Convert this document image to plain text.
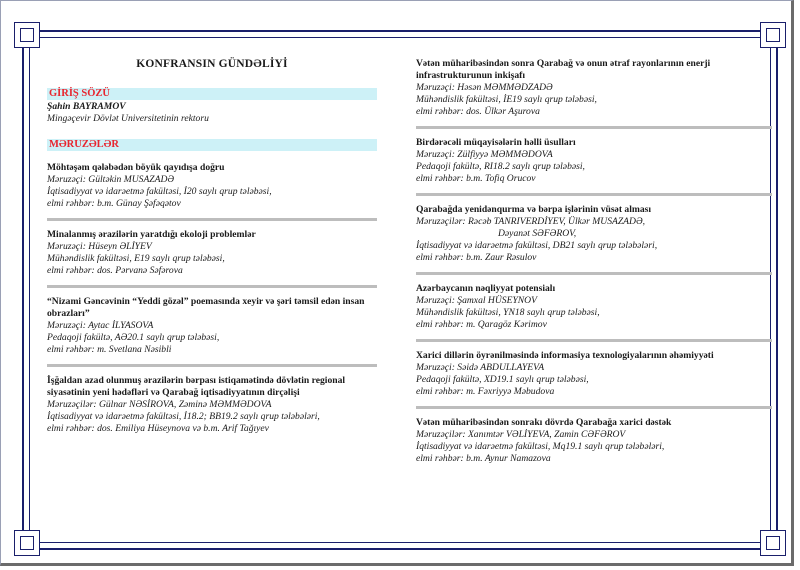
KONFRANSIN GÜNDƏLİYİ
GİRİŞ SÖZÜ
Şahin BAYRAMOV
Mingəçevir Dövlət Universitetinin rektoru
MƏRUZƏLƏR
Möhtəşəm qələbədən böyük qayıdışa doğru
Məruzəçi: Gültəkin MUSAZADƏ
İqtisadiyyat və idarəetmə fakültəsi, İ20 saylı qrup tələbəsi,
elmi rəhbər: b.m. Günay Şəfəqətov
Minalanmış ərazilərin yaratdığı ekoloji problemlər
Məruzəçi: Hüseyn ƏLİYEV
Mühəndislik fakültəsi, E19 saylı qrup tələbəsi,
elmi rəhbər: dos. Pərvanə Səfərova
“Nizami Gəncəvinin “Yeddi gözəl” poemasında xeyir və şəri təmsil edən insan obrazları”
Məruzəçi: Aytac İLYASOVA
Pedaqoji fakültə, AƏ20.1 saylı qrup tələbəsi,
elmi rəhbər: m. Svetlana Nəsibli
İşğaldan azad olunmuş ərazilərin bərpası istiqamətində dövlətin regional siyasətinin yeni hədəfləri və Qarabağ iqtisadiyyatının dirçəlişi
Məruzəçilər: Gülnar NƏSİROVA, Zəminə MƏMMƏDOVA
İqtisadiyyat və idarəetmə fakültəsi, İ18.2; BB19.2 saylı qrup tələbələri,
elmi rəhbər: dos. Emiliya Hüseynova və b.m. Arif Tağıyev
Vətən müharibəsindən sonra Qarabağ və onun ətraf rayonlarının enerji infrastrukturunun inkişafı
Məruzəçi: Həsən MƏMMƏDZADƏ
Mühəndislik fakültəsi, İE19 saylı qrup tələbəsi,
elmi rəhbər: dos. Ülkər Aşurova
Birdərəcəli müqayisələrin həlli üsulları
Məruzəçi: Zülfiyyə MƏMMƏDOVA
Pedaqoji fakültə, RI18.2 saylı qrup tələbəsi,
elmi rəhbər: b.m. Tofiq Orucov
Qarabağda yenidənqurma və bərpa işlərinin vüsət alması
Məruzəçilər: Rəcəb TANRIVERDİYEV, Ülkər MUSAZADƏ,
Dəyanət SƏFƏROV,
İqtisadiyyat və idarəetmə fakültəsi, DB21 saylı qrup tələbələri,
elmi rəhbər: b.m. Zaur Rəsulov
Azərbaycanın nəqliyyat potensialı
Məruzəçi: Şamxal HÜSEYNOV
Mühəndislik fakültəsi, YN18 saylı qrup tələbəsi,
elmi rəhbər: m. Qaragöz Kərimov
Xarici dillərin öyrənilməsində informasiya texnologiyalarının əhəmiyyəti
Məruzəçi: Səidə ABDULLAYEVA
Pedaqoji fakültə, XD19.1 saylı qrup tələbəsi,
elmi rəhbər: m. Fəxriyyə Məbudova
Vətən müharibəsindən sonrakı dövrdə Qarabağa xarici dəstək
Məruzəçilər: Xanımtər VƏLİYEVA, Zamin CƏFƏROV
İqtisadiyyat və idarəetmə fakültəsi, Mq19.1 saylı qrup tələbələri,
elmi rəhbər: b.m. Aynur Namazova
